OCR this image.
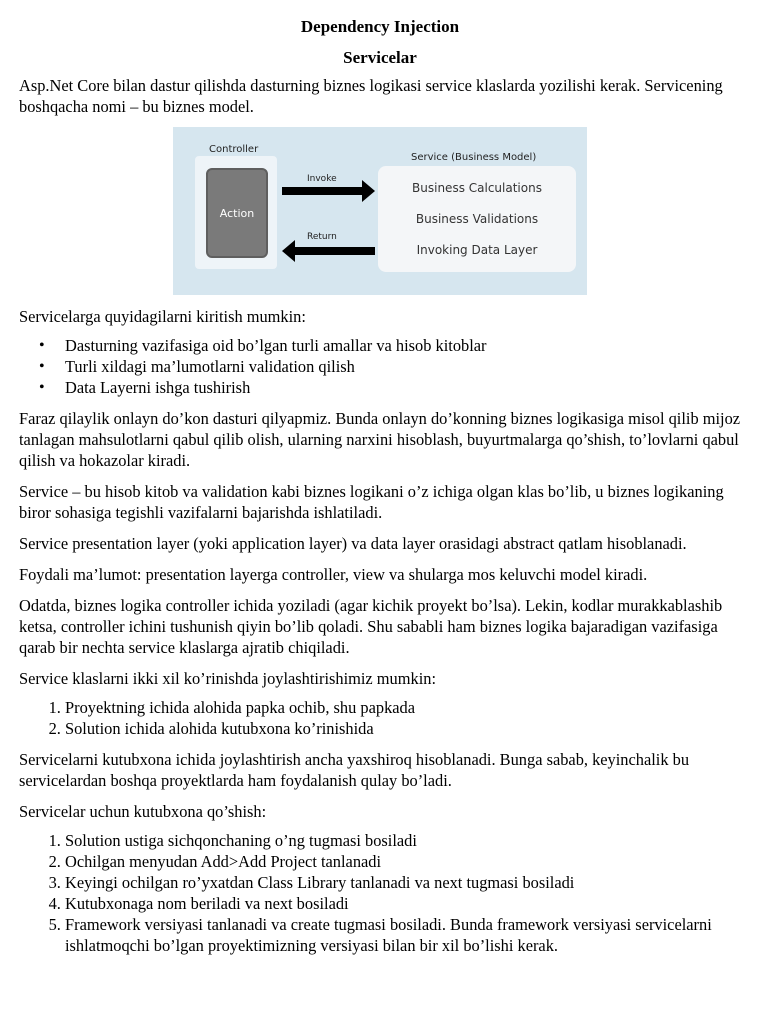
Dependency Injection
Servicelar

Asp.Net Core bilan dastur qilishda dasturning biznes logikasi service klaslarda yozilishi kerak. Servicening boshqacha nomi – bu biznes model.

Controller
Action
Invoke
Return
Service (Business Model)
Business Calculations
Business Validations
Invoking Data Layer

Servicelarga quyidagilarni kiritish mumkin:

• Dasturning vazifasiga oid bo’lgan turli amallar va hisob kitoblar
• Turli xildagi ma’lumotlarni validation qilish
• Data Layerni ishga tushirish

Faraz qilaylik onlayn do’kon dasturi qilyapmiz. Bunda onlayn do’konning biznes logikasiga misol qilib mijoz tanlagan mahsulotlarni qabul qilib olish, ularning narxini hisoblash, buyurtmalarga qo’shish, to’lovlarni qabul qilish va hokazolar kiradi.

Service – bu hisob kitob va validation kabi biznes logikani o’z ichiga olgan klas bo’lib, u biznes logikaning biror sohasiga tegishli vazifalarni bajarishda ishlatiladi.

Service presentation layer (yoki application layer) va data layer orasidagi abstract qatlam hisoblanadi.

Foydali ma’lumot: presentation layerga controller, view va shularga mos keluvchi model kiradi.

Odatda, biznes logika controller ichida yoziladi (agar kichik proyekt bo’lsa). Lekin, kodlar murakkablashib ketsa, controller ichini tushunish qiyin bo’lib qoladi. Shu sababli ham biznes logika bajaradigan vazifasiga qarab bir nechta service klaslarga ajratib chiqiladi.

Service klaslarni ikki xil ko’rinishda joylashtirishimiz mumkin:

1. Proyektning ichida alohida papka ochib, shu papkada
2. Solution ichida alohida kutubxona ko’rinishida

Servicelarni kutubxona ichida joylashtirish ancha yaxshiroq hisoblanadi. Bunga sabab, keyinchalik bu servicelardan boshqa proyektlarda ham foydalanish qulay bo’ladi.

Servicelar uchun kutubxona qo’shish:

1. Solution ustiga sichqonchaning o’ng tugmasi bosiladi
2. Ochilgan menyudan Add>Add Project tanlanadi
3. Keyingi ochilgan ro’yxatdan Class Library tanlanadi va next tugmasi bosiladi
4. Kutubxonaga nom beriladi va next bosiladi
5. Framework versiyasi tanlanadi va create tugmasi bosiladi. Bunda framework versiyasi servicelarni ishlatmoqchi bo’lgan proyektimizning versiyasi bilan bir xil bo’lishi kerak.
